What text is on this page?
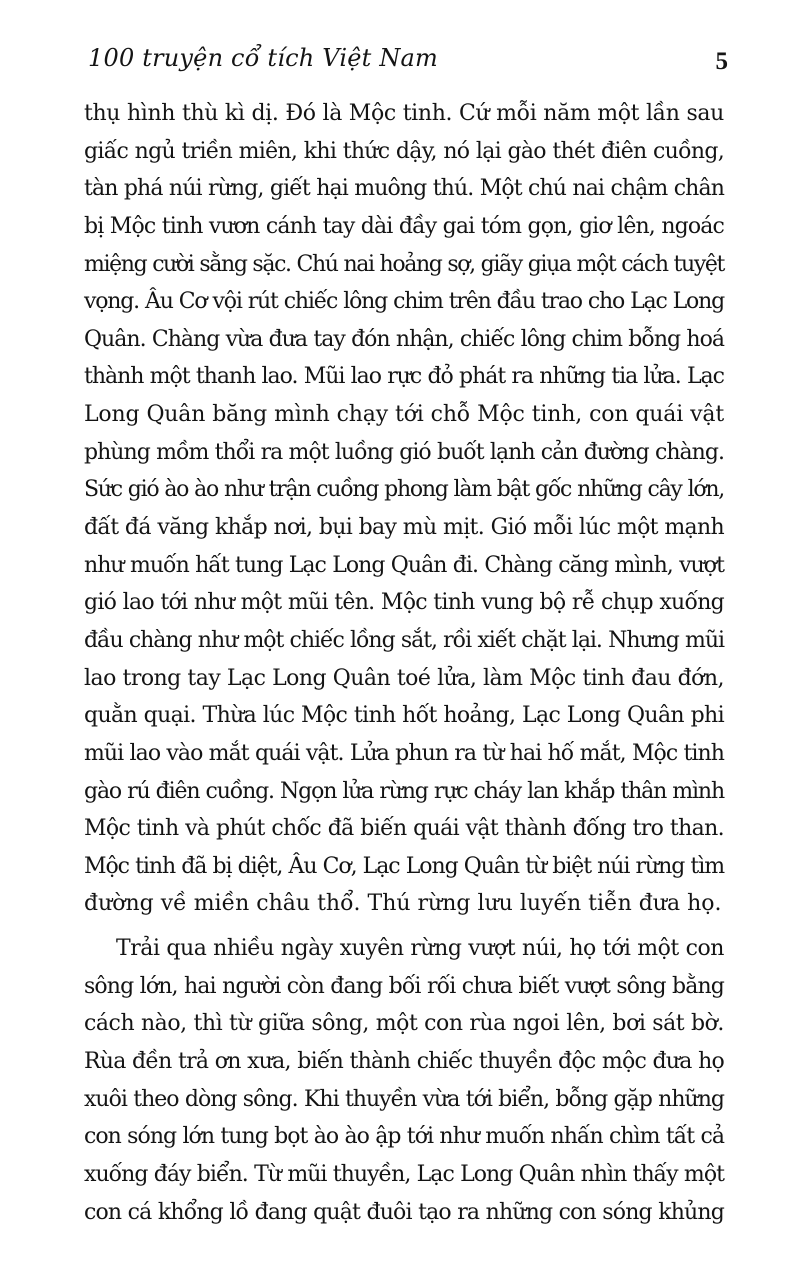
100 truyện cổ tích Việt Nam	5
thụ hình thù kì dị. Đó là Mộc tinh. Cứ mỗi năm một lần sau
giấc ngủ triền miên, khi thức dậy, nó lại gào thét điên cuồng,
tàn phá núi rừng, giết hại muông thú. Một chú nai chậm chân
bị Mộc tinh vươn cánh tay dài đầy gai tóm gọn, giơ lên, ngoác
miệng cười sằng sặc. Chú nai hoảng sợ, giãy giụa một cách tuyệt
vọng. Âu Cơ vội rút chiếc lông chim trên đầu trao cho Lạc Long
Quân. Chàng vừa đưa tay đón nhận, chiếc lông chim bỗng hoá
thành một thanh lao. Mũi lao rực đỏ phát ra những tia lửa. Lạc
Long Quân băng mình chạy tới chỗ Mộc tinh, con quái vật
phùng mồm thổi ra một luồng gió buốt lạnh cản đường chàng.
Sức gió ào ào như trận cuồng phong làm bật gốc những cây lớn,
đất đá văng khắp nơi, bụi bay mù mịt. Gió mỗi lúc một mạnh
như muốn hất tung Lạc Long Quân đi. Chàng căng mình, vượt
gió lao tới như một mũi tên. Mộc tinh vung bộ rễ chụp xuống
đầu chàng như một chiếc lồng sắt, rồi xiết chặt lại. Nhưng mũi
lao trong tay Lạc Long Quân toé lửa, làm Mộc tinh đau đớn,
quằn quại. Thừa lúc Mộc tinh hốt hoảng, Lạc Long Quân phi
mũi lao vào mắt quái vật. Lửa phun ra từ hai hố mắt, Mộc tinh
gào rú điên cuồng. Ngọn lửa rừng rực cháy lan khắp thân mình
Mộc tinh và phút chốc đã biến quái vật thành đống tro than.
Mộc tinh đã bị diệt, Âu Cơ, Lạc Long Quân từ biệt núi rừng tìm
đường về miền châu thổ. Thú rừng lưu luyến tiễn đưa họ.
Trải qua nhiều ngày xuyên rừng vượt núi, họ tới một con
sông lớn, hai người còn đang bối rối chưa biết vượt sông bằng
cách nào, thì từ giữa sông, một con rùa ngoi lên, bơi sát bờ.
Rùa đền trả ơn xưa, biến thành chiếc thuyền độc mộc đưa họ
xuôi theo dòng sông. Khi thuyền vừa tới biển, bỗng gặp những
con sóng lớn tung bọt ào ào ập tới như muốn nhấn chìm tất cả
xuống đáy biển. Từ mũi thuyền, Lạc Long Quân nhìn thấy một
con cá khổng lồ đang quật đuôi tạo ra những con sóng khủng
